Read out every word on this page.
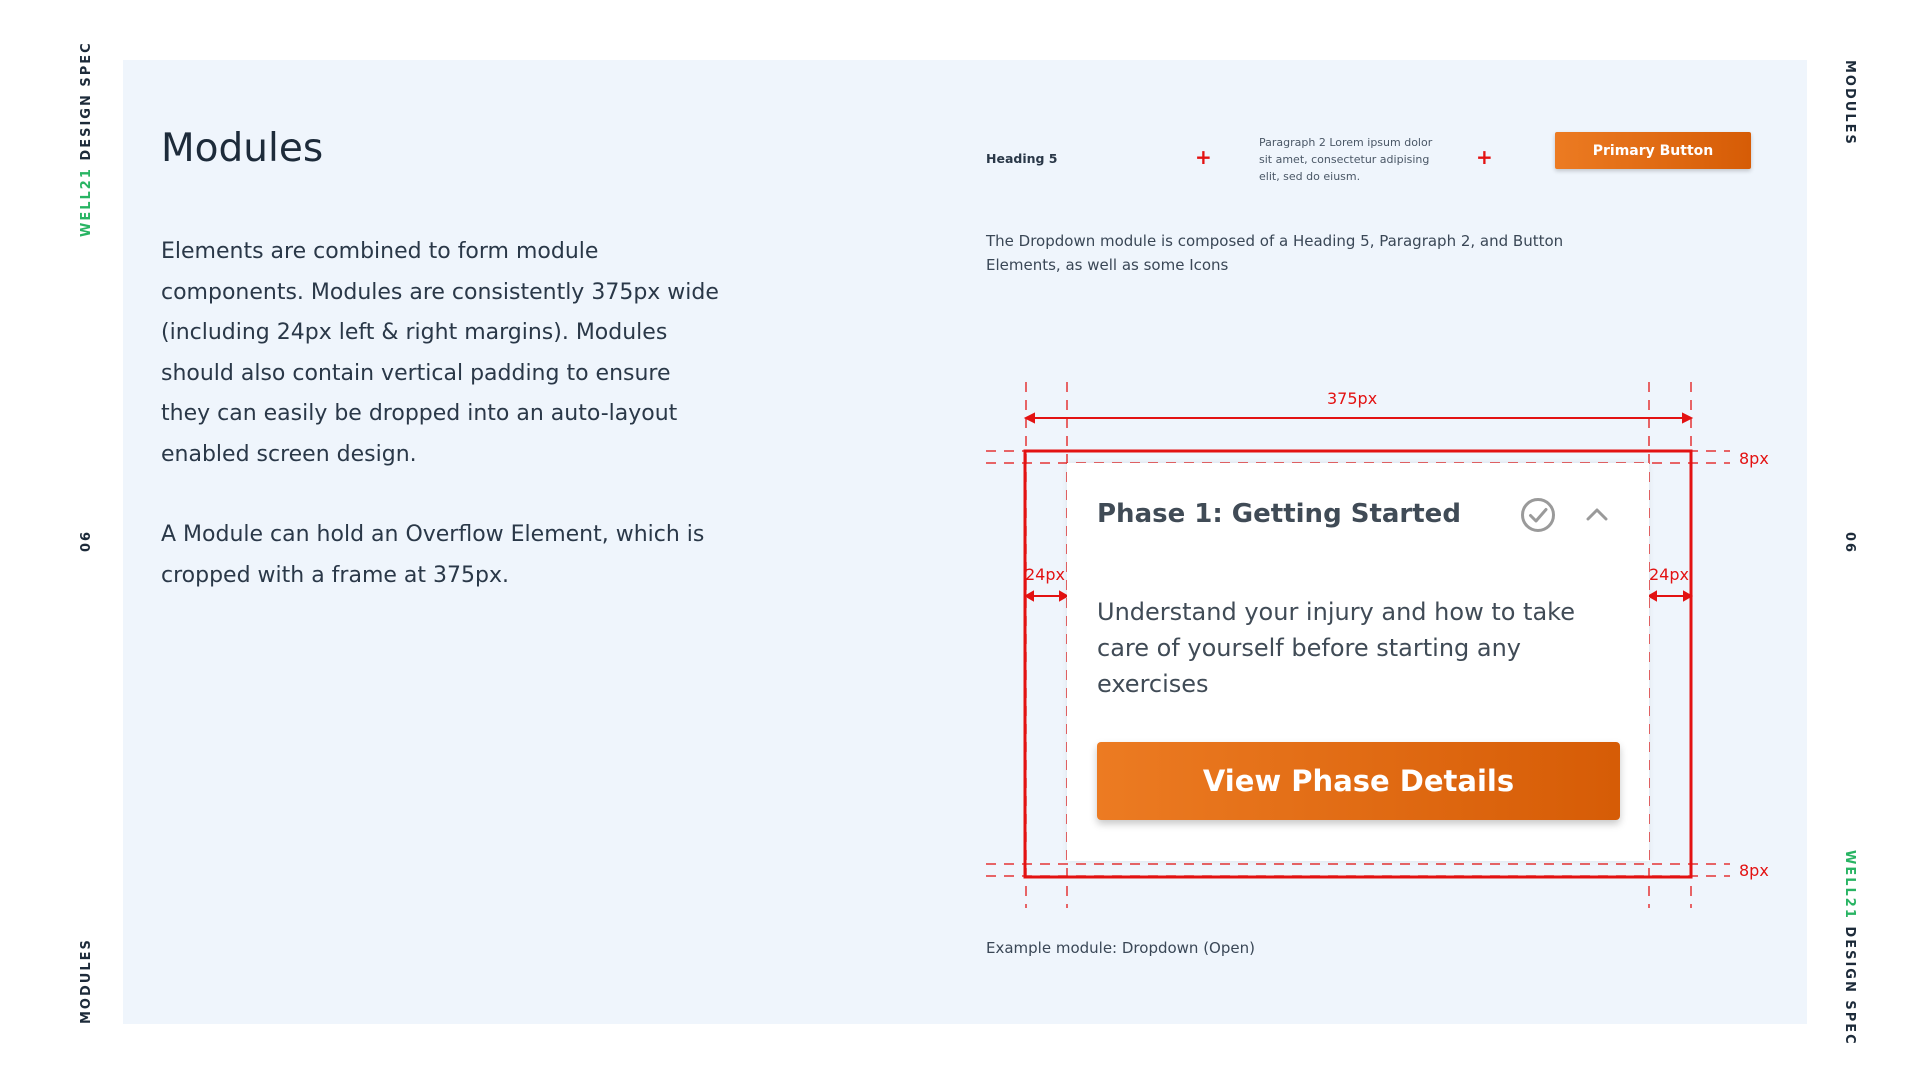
WELL21 DESIGN SPEC
06
MODULES
MODULES
06
WELL21 DESIGN SPEC
Modules

Elements are combined to form module components. Modules are consistently 375px wide (including 24px left & right margins). Modules should also contain vertical padding to ensure they can easily be dropped into an auto-layout enabled screen design.

A Module can hold an Overflow Element, which is cropped with a frame at 375px.

Heading 5	+
Paragraph 2 Lorem ipsum dolor sit amet, consectetur adipising elit, sed do eiusm.
+	Primary Button
The Dropdown module is composed of a Heading 5, Paragraph 2, and Button Elements, as well as some Icons
375px
24px	24px
8px
8px
Phase 1: Getting Started
Understand your injury and how to take care of yourself before starting any exercises
View Phase Details
Example module: Dropdown (Open)
